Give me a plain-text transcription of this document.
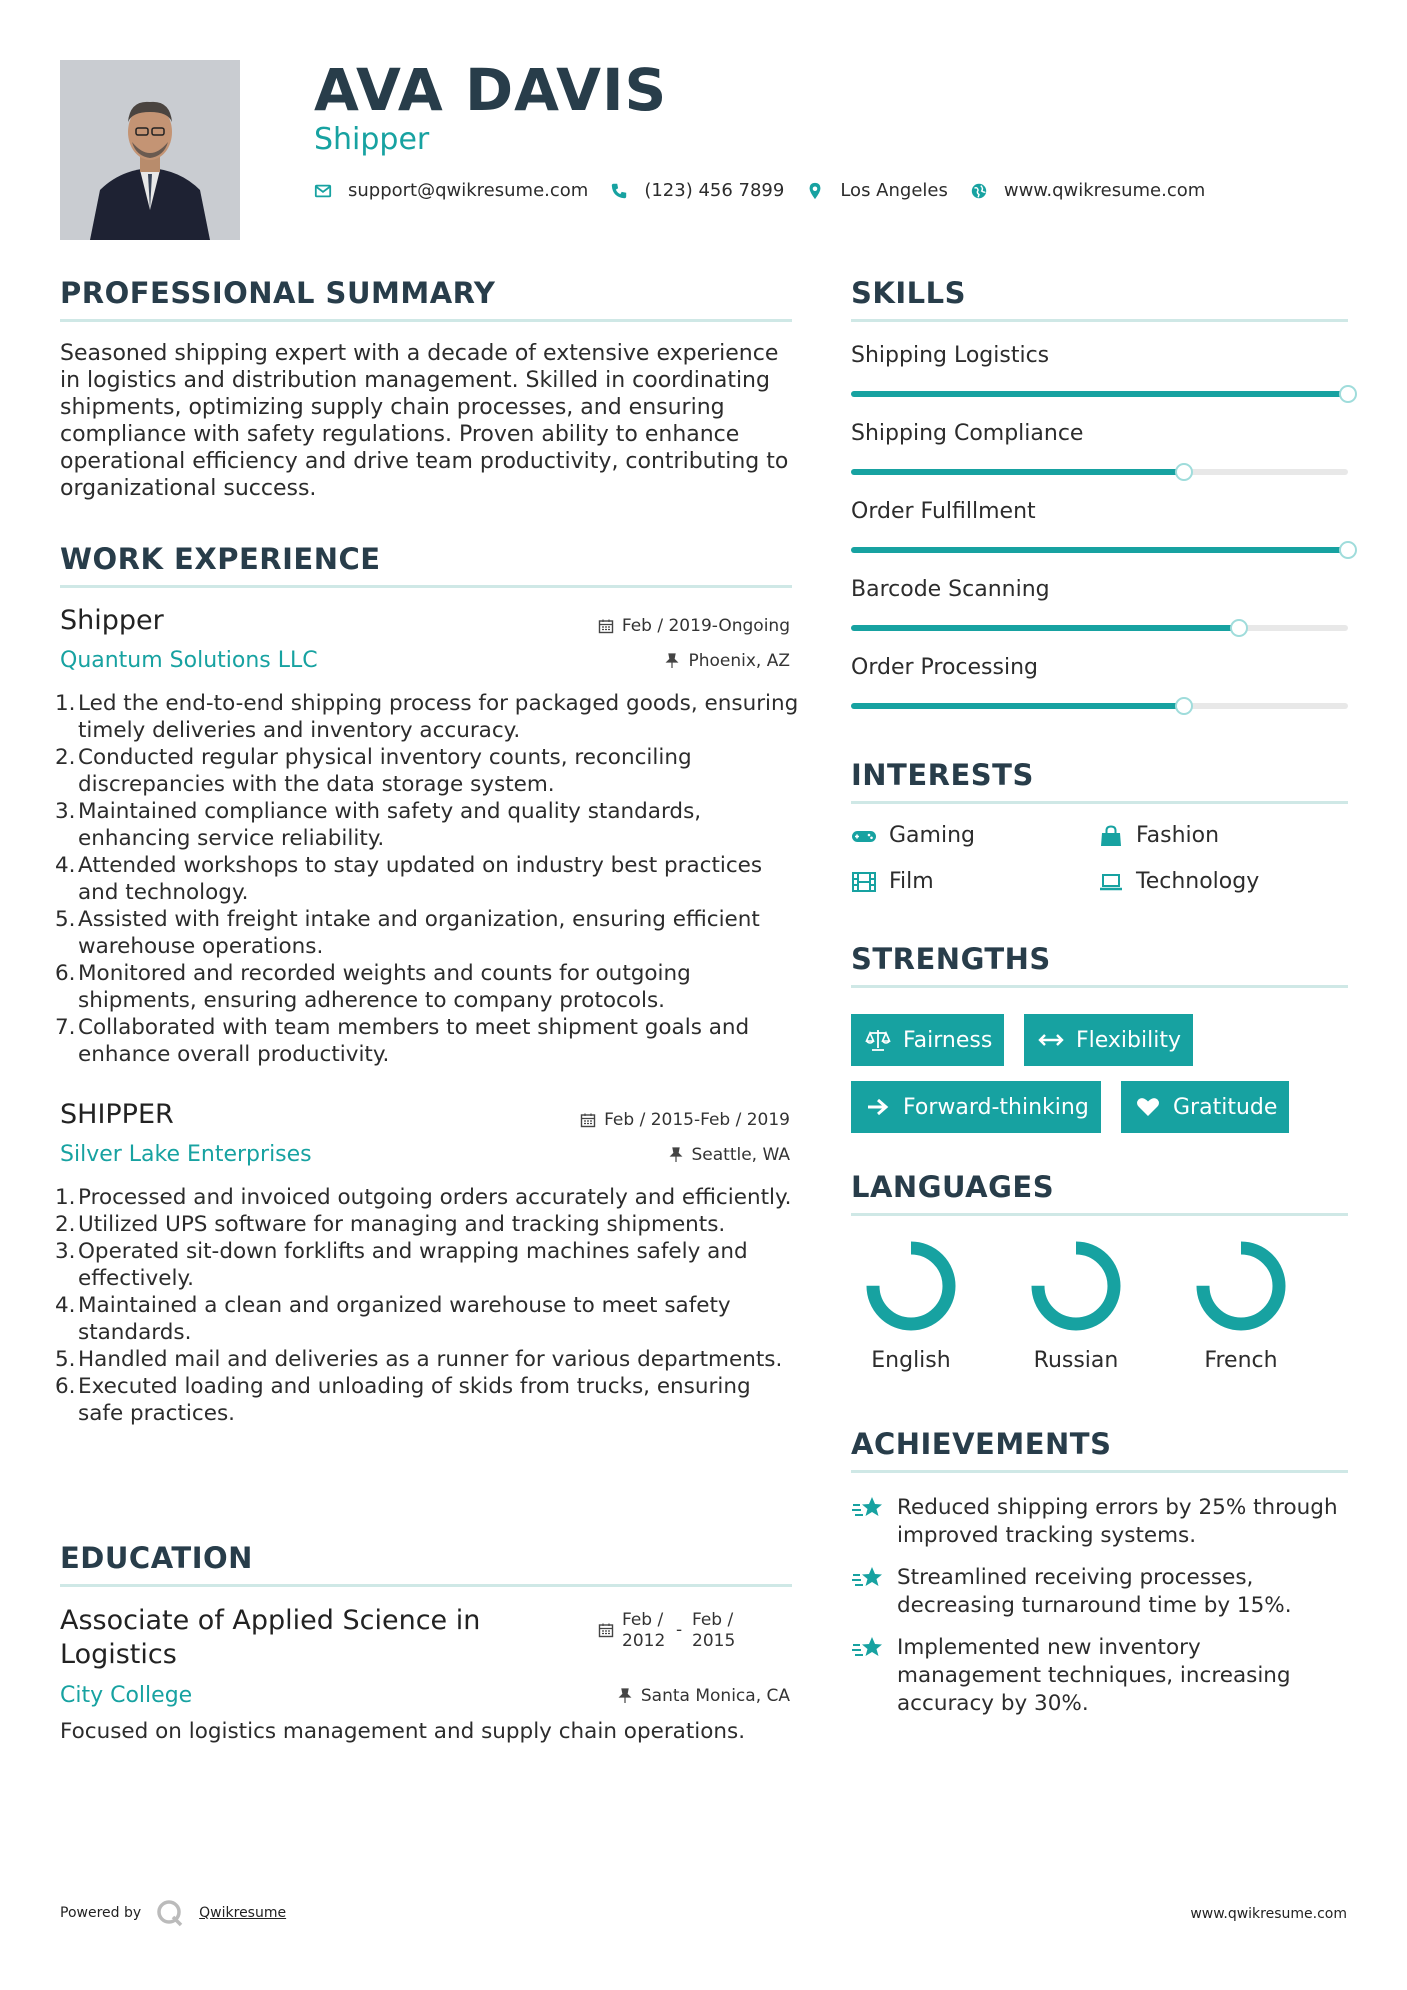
AVA DAVIS
Shipper
support@qwikresume.com	(123) 456 7899	Los Angeles	www.qwikresume.com
PROFESSIONAL SUMMARY
Seasoned shipping expert with a decade of extensive experience in logistics and distribution management. Skilled in coordinating shipments, optimizing supply chain processes, and ensuring compliance with safety regulations. Proven ability to enhance operational efficiency and drive team productivity, contributing to organizational success.
WORK EXPERIENCE
Shipper
Quantum Solutions LLC
Feb / 2019-Ongoing
Phoenix, AZ
1. Led the end-to-end shipping process for packaged goods, ensuring timely deliveries and inventory accuracy.
2. Conducted regular physical inventory counts, reconciling discrepancies with the data storage system.
3. Maintained compliance with safety and quality standards, enhancing service reliability.
4. Attended workshops to stay updated on industry best practices and technology.
5. Assisted with freight intake and organization, ensuring efficient warehouse operations.
6. Monitored and recorded weights and counts for outgoing shipments, ensuring adherence to company protocols.
7. Collaborated with team members to meet shipment goals and enhance overall productivity.
SHIPPER
Silver Lake Enterprises
Feb / 2015-Feb / 2019
Seattle, WA
1. Processed and invoiced outgoing orders accurately and efficiently.
2. Utilized UPS software for managing and tracking shipments.
3. Operated sit-down forklifts and wrapping machines safely and effectively.
4. Maintained a clean and organized warehouse to meet safety standards.
5. Handled mail and deliveries as a runner for various departments.
6. Executed loading and unloading of skids from trucks, ensuring safe practices.
EDUCATION
Associate of Applied Science in Logistics
Feb / 2012
- Feb / 2015
City College	Santa Monica, CA
Focused on logistics management and supply chain operations.
SKILLS
Shipping Logistics
Shipping Compliance
Order Fulfillment
Barcode Scanning
Order Processing
INTERESTS
Gaming	Fashion
Film	Technology
STRENGTHS
Fairness	Flexibility
Forward-thinking	Gratitude
LANGUAGES
English	Russian	French
ACHIEVEMENTS
Reduced shipping errors by 25% through improved tracking systems.
Streamlined receiving processes, decreasing turnaround time by 15%.
Implemented new inventory management techniques, increasing accuracy by 30%.
Powered by	Qwikresume	www.qwikresume.com
